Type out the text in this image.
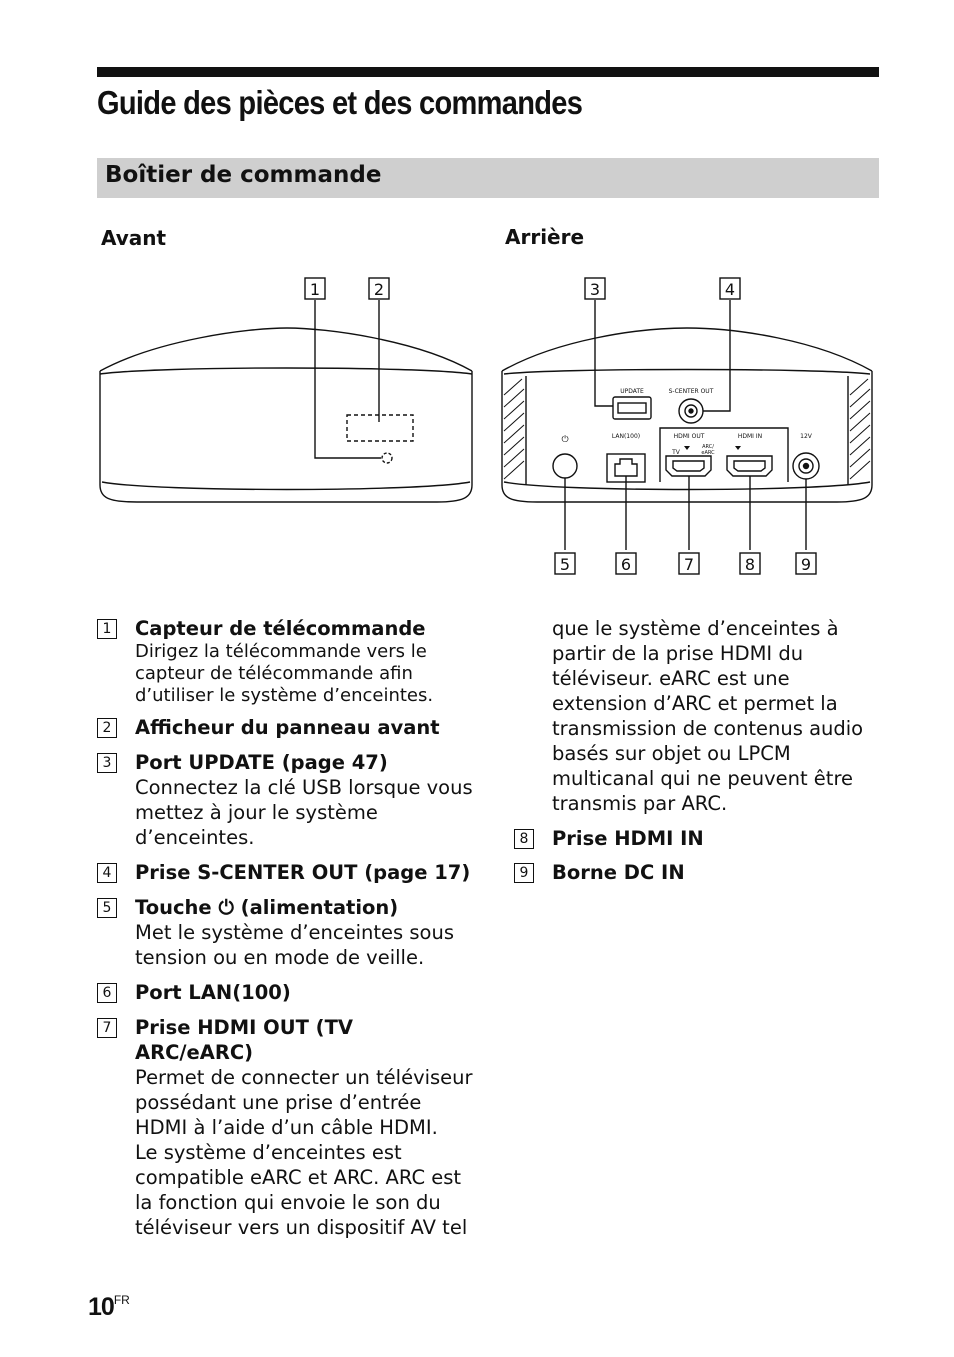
Guide des pièces et des commandes
Boîtier de commande
Avant	Arrière
1	2	3	4
5	6	7	8	9
UPDATE	S-CENTER OUT
⏻	LAN(100)	HDMI OUT	HDMI IN	12V
TV
ARC/
eARC
1 Capteur de télécommande
Dirigez la télécommande vers le capteur de télécommande afin d’utiliser le système d’enceintes.
2 Afficheur du panneau avant
3 Port UPDATE (page 47)
Connectez la clé USB lorsque vous mettez à jour le système d’enceintes.
4 Prise S-CENTER OUT (page 17)
5 Touche ⏻ (alimentation)
Met le système d’enceintes sous tension ou en mode de veille.
6 Port LAN(100)
7 Prise HDMI OUT (TV ARC/eARC)
Permet de connecter un téléviseur possédant une prise d’entrée HDMI à l’aide d’un câble HDMI.
Le système d’enceintes est compatible eARC et ARC. ARC est la fonction qui envoie le son du téléviseur vers un dispositif AV tel
que le système d’enceintes à partir de la prise HDMI du téléviseur. eARC est une extension d’ARC et permet la transmission de contenus audio basés sur objet ou LPCM multicanal qui ne peuvent être transmis par ARC.
8 Prise HDMI IN
9 Borne DC IN
$10^{FR}$
